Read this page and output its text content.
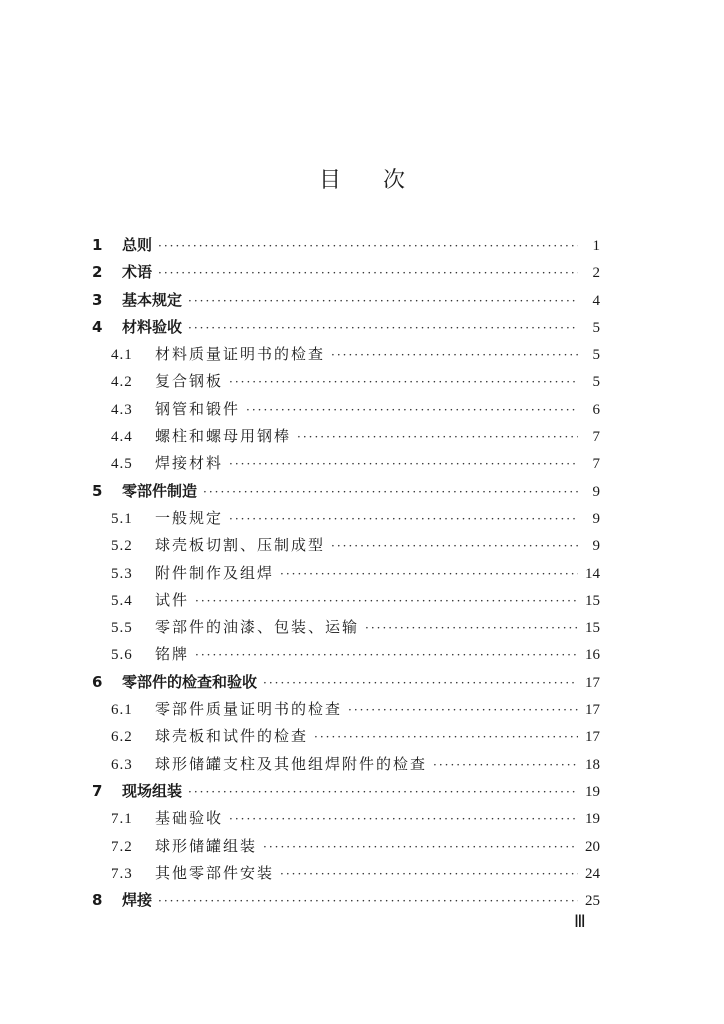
目次
1	总则 ·····	1
2	术语 ·····	2
3	基本规定 ·····	4
4	材料验收 ·····	5
4.1	材料质量证明书的检查 ·····	5
4.2	复合钢板 ·····	5
4.3	钢管和锻件 ·····	6
4.4	螺柱和螺母用钢棒 ·····	7
4.5	焊接材料 ·····	7
5	零部件制造 ·····	9
5.1	一般规定 ·····	9
5.2	球壳板切割、压制成型 ·····	9
5.3	附件制作及组焊 ·····	14
5.4	试件 ·····	15
5.5	零部件的油漆、包装、运输 ·····	15
5.6	铭牌 ·····	16
6	零部件的检查和验收 ·····	17
6.1	零部件质量证明书的检查 ·····	17
6.2	球壳板和试件的检查 ·····	17
6.3	球形储罐支柱及其他组焊附件的检查 ·····	18
7	现场组装 ·····	19
7.1	基础验收 ·····	19
7.2	球形储罐组装 ·····	20
7.3	其他零部件安装 ·····	24
8	焊接 ·····	25
Ⅲ
